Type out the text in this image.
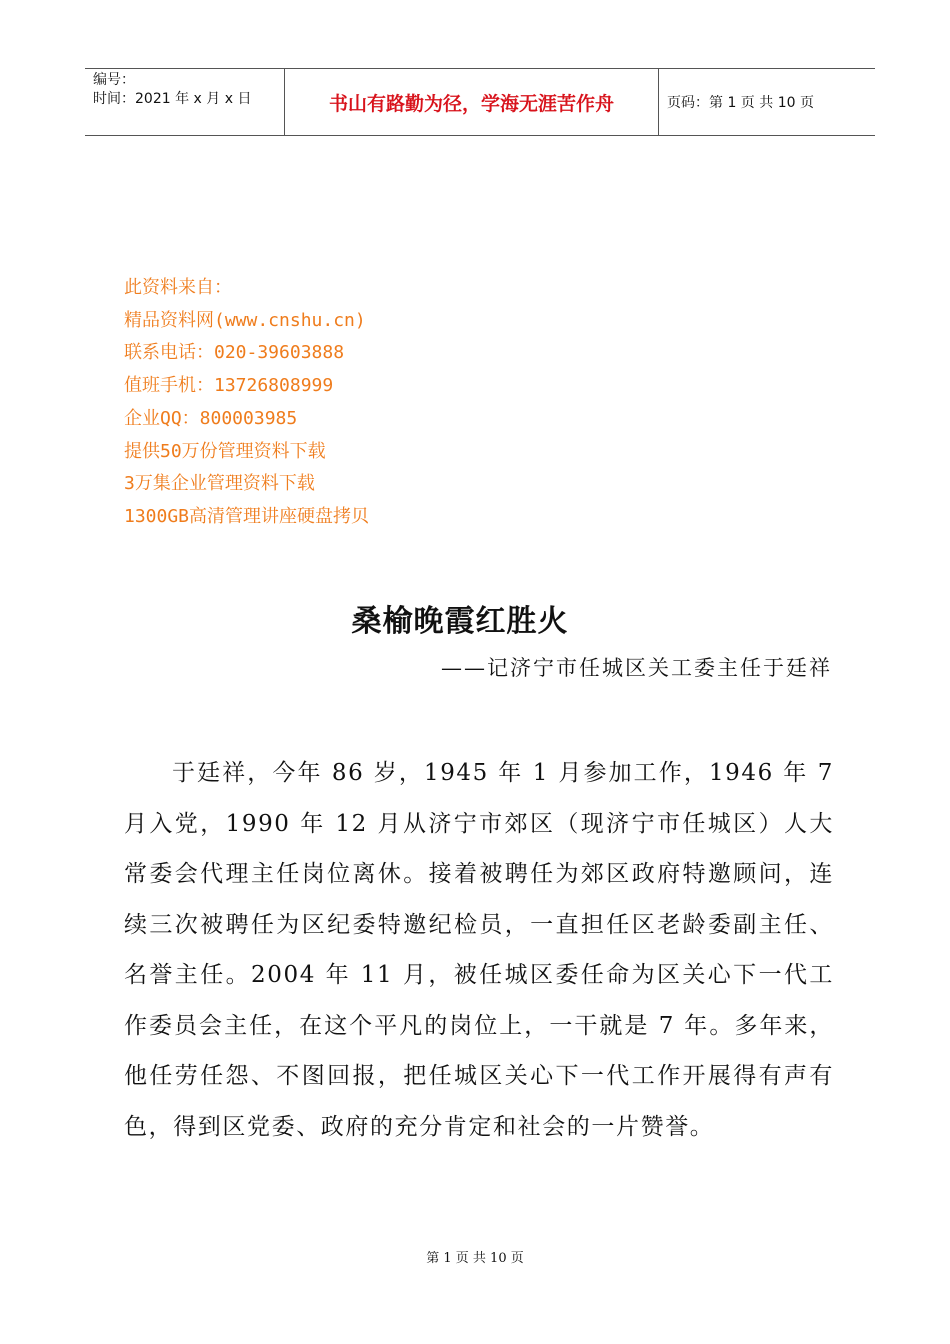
编号：
时间：2021 年 x 月 x 日	书山有路勤为径，学海无涯苦作舟	页码：第 1 页 共 10 页
此资料来自：
精品资料网(www.cnshu.cn)
联系电话：020-39603888
值班手机：13726808999
企业QQ：800003985
提供50万份管理资料下载
3万集企业管理资料下载
1300GB高清管理讲座硬盘拷贝
桑榆晚霞红胜火
——记济宁市任城区关工委主任于廷祥

于廷祥，今年 86 岁，1945 年 1 月参加工作，1946 年 7 月入党，1990 年 12 月从济宁市郊区（现济宁市任城区）人大常委会代理主任岗位离休。接着被聘任为郊区政府特邀顾问，连续三次被聘任为区纪委特邀纪检员，一直担任区老龄委副主任、名誉主任。2004 年 11 月，被任城区委任命为区关心下一代工作委员会主任，在这个平凡的岗位上，一干就是 7 年。多年来，他任劳任怨、不图回报，把任城区关心下一代工作开展得有声有色，得到区党委、政府的充分肯定和社会的一片赞誉。

第 1 页 共 10 页
